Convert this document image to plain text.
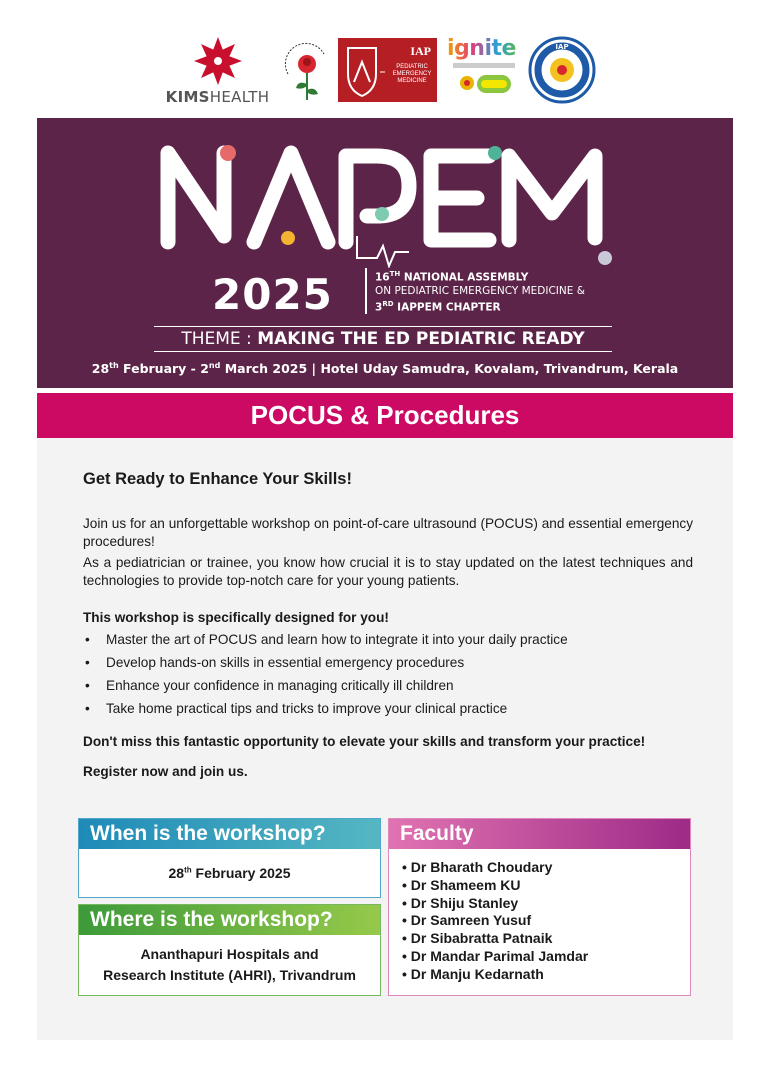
KIMSHEALTH
IAP
PEDIATRIC
EMERGENCY
MEDICINE
ignite	IAP
2025	16TH NATIONAL ASSEMBLY
ON PEDIATRIC EMERGENCY MEDICINE &
3RD IAPPEM CHAPTER
THEME : MAKING THE ED PEDIATRIC READY
28th February - 2nd March 2025 | Hotel Uday Samudra, Kovalam, Trivandrum, Kerala
POCUS & Procedures
Get Ready to Enhance Your Skills!
Join us for an unforgettable workshop on point-of-care ultrasound (POCUS) and essential emergency procedures!
As a pediatrician or trainee, you know how crucial it is to stay updated on the latest techniques and technologies to provide top-notch care for your young patients.
This workshop is specifically designed for you!
• Master the art of POCUS and learn how to integrate it into your daily practice
• Develop hands-on skills in essential emergency procedures
• Enhance your confidence in managing critically ill children
• Take home practical tips and tricks to improve your clinical practice
Don't miss this fantastic opportunity to elevate your skills and transform your practice!
Register now and join us.
When is the workshop?
28th February 2025
Where is the workshop?
Ananthapuri Hospitals and
Research Institute (AHRI), Trivandrum
Faculty
• Dr Bharath Choudary
• Dr Shameem KU
• Dr Shiju Stanley
• Dr Samreen Yusuf
• Dr Sibabratta Patnaik
• Dr Mandar Parimal Jamdar
• Dr Manju Kedarnath
